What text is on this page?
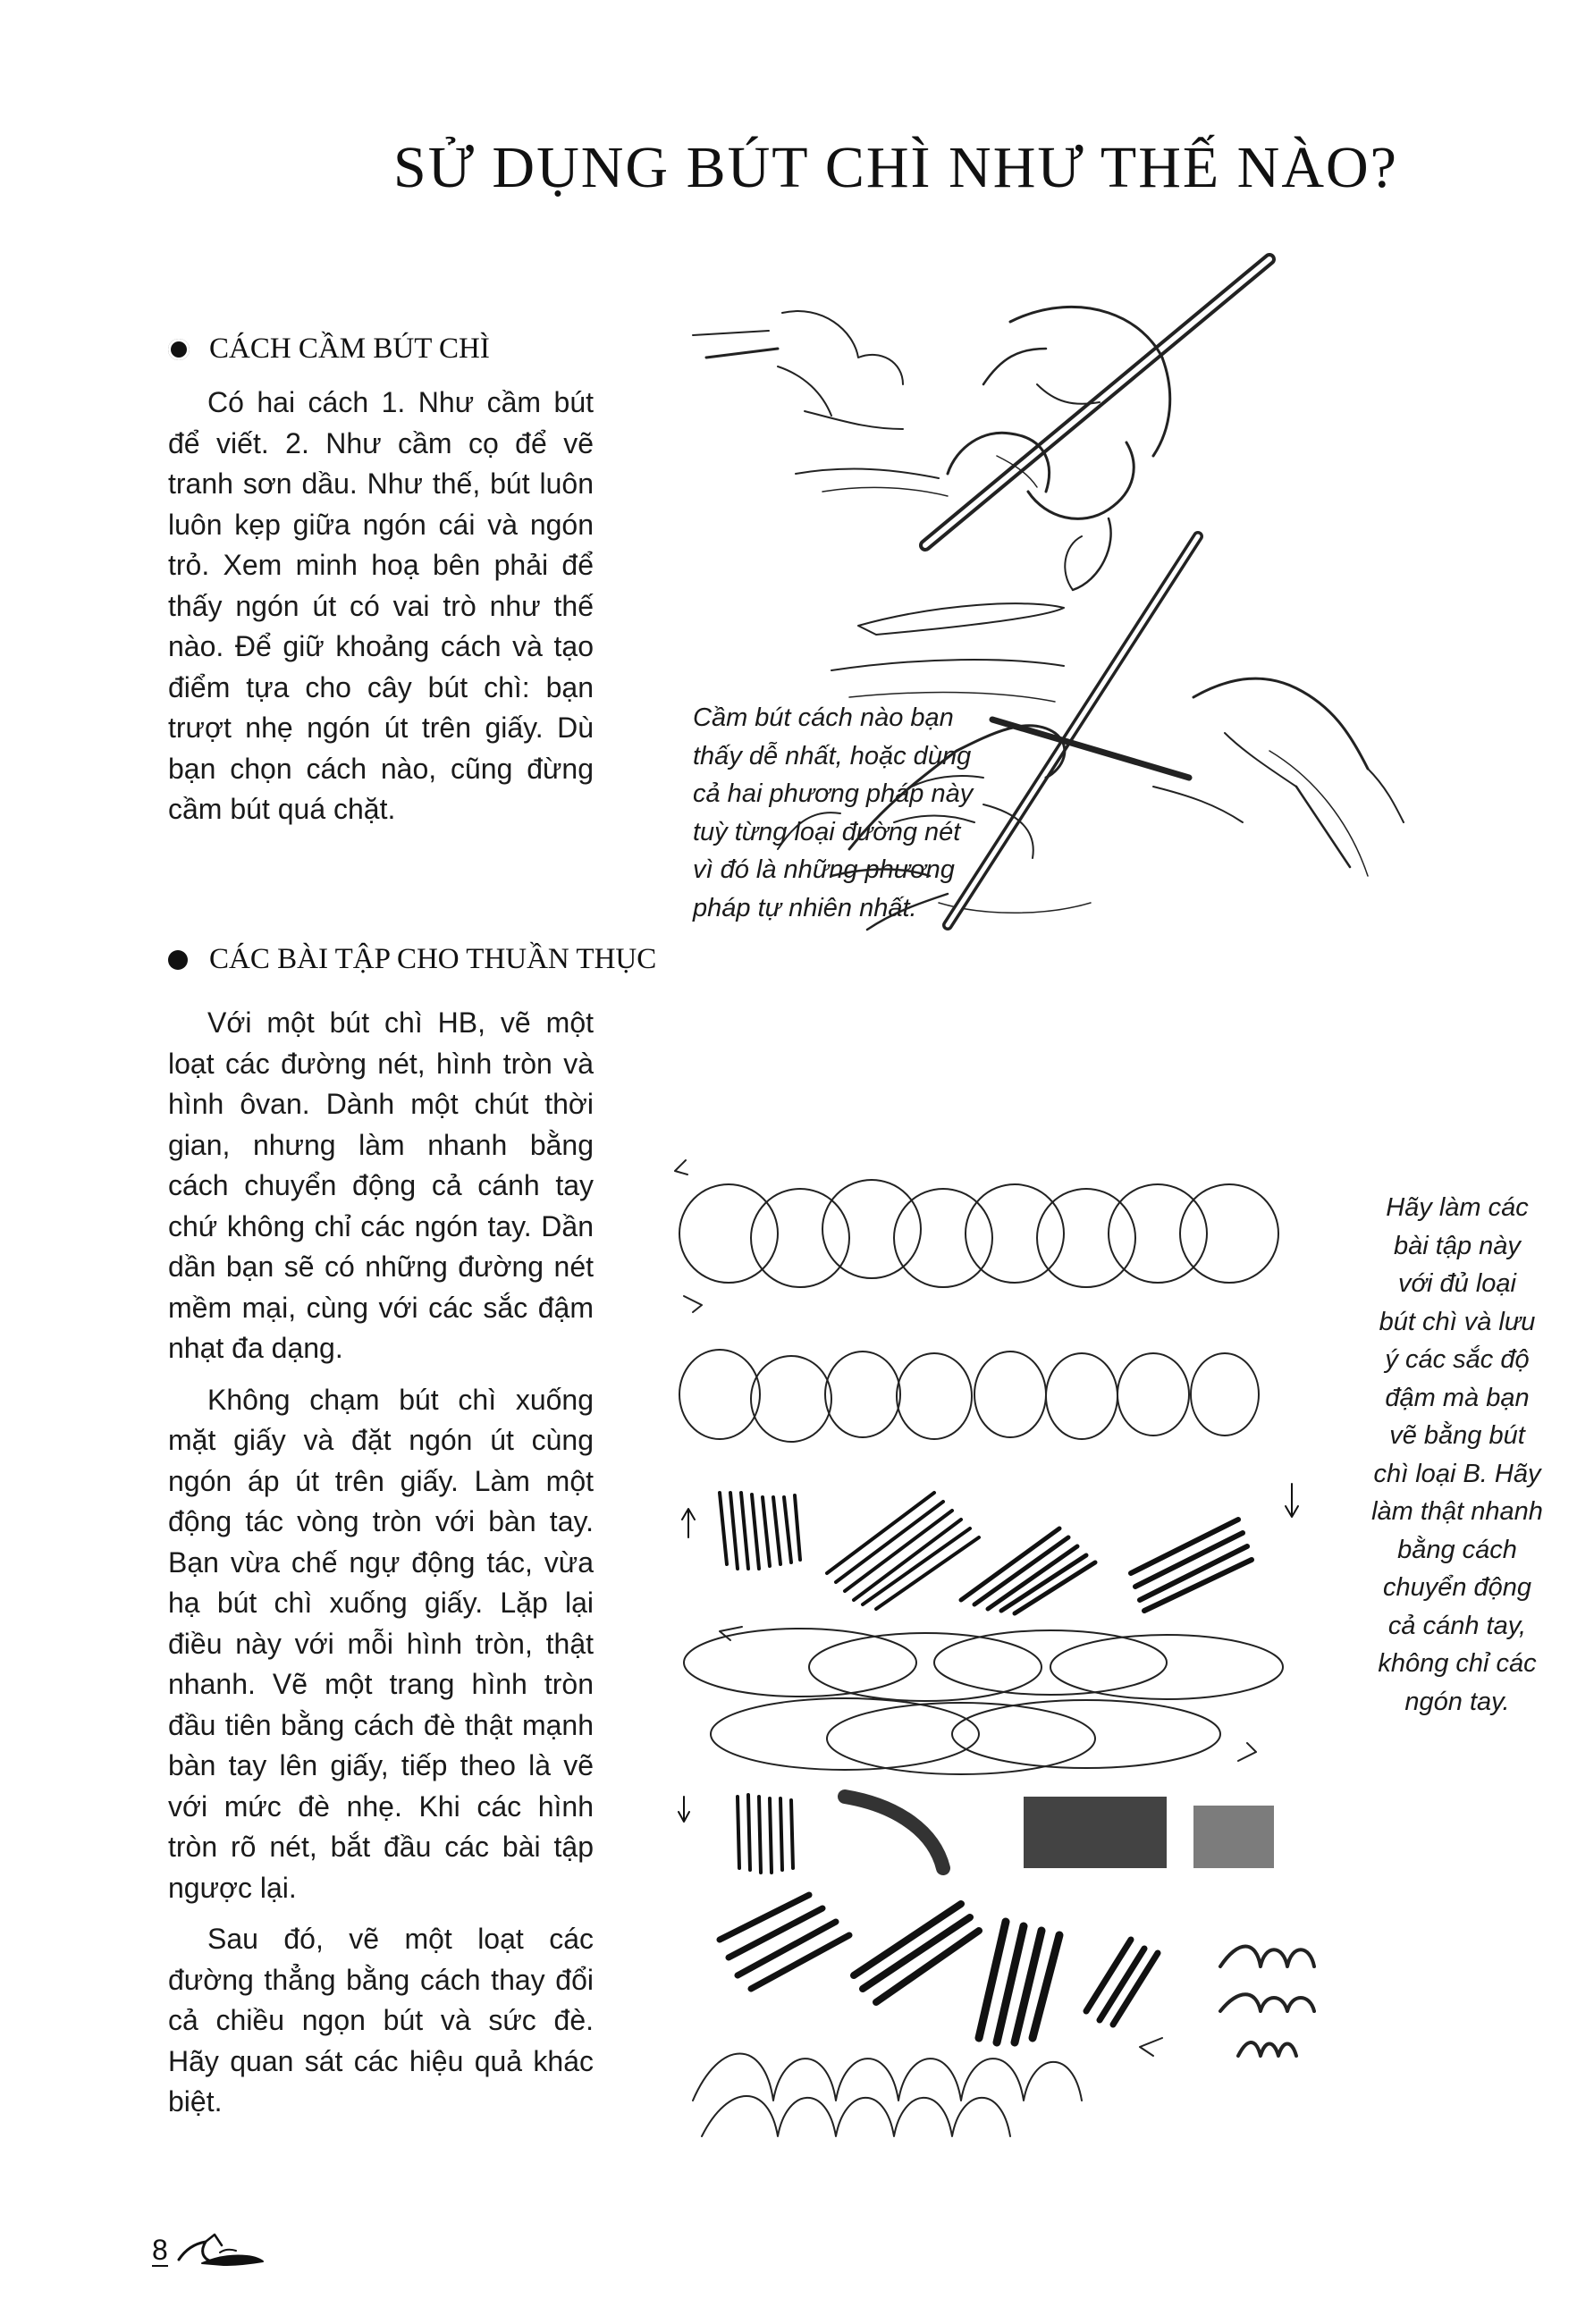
SỬ DỤNG BÚT CHÌ NHƯ THẾ NÀO?
CÁCH CẦM BÚT CHÌ

Có hai cách 1. Như cầm bút để viết. 2. Như cầm cọ để vẽ tranh sơn dầu. Như thế, bút luôn luôn kẹp giữa ngón cái và ngón trỏ. Xem minh hoạ bên phải để thấy ngón út có vai trò như thế nào. Để giữ khoảng cách và tạo điểm tựa cho cây bút chì: bạn trượt nhẹ ngón út trên giấy. Dù bạn chọn cách nào, cũng đừng cầm bút quá chặt.

CÁC BÀI TẬP CHO THUẦN THỤC

Với một bút chì HB, vẽ một loạt các đường nét, hình tròn và hình ôvan. Dành một chút thời gian, nhưng làm nhanh bằng cách chuyển động cả cánh tay chứ không chỉ các ngón tay. Dần dần bạn sẽ có những đường nét mềm mại, cùng với các sắc đậm nhạt đa dạng.

Không chạm bút chì xuống mặt giấy và đặt ngón út cùng ngón áp út trên giấy. Làm một động tác vòng tròn với bàn tay. Bạn vừa chế ngự động tác, vừa hạ bút chì xuống giấy. Lặp lại điều này với mỗi hình tròn, thật nhanh. Vẽ một trang hình tròn đầu tiên bằng cách đè thật mạnh bàn tay lên giấy, tiếp theo là vẽ với mức đè nhẹ. Khi các hình tròn rõ nét, bắt đầu các bài tập ngược lại.

Sau đó, vẽ một loạt các đường thẳng bằng cách thay đổi cả chiều ngọn bút và sức đè. Hãy quan sát các hiệu quả khác biệt.

Cầm bút cách nào bạn

thấy dễ nhất, hoặc dùng

cả hai phương pháp này

tuỳ từng loại đường nét

vì đó là những phương

pháp tự nhiên nhất.

Hãy làm các

bài tập này

với đủ loại

bút chì và lưu

ý các sắc độ

đậm mà bạn

vẽ bằng bút

chì loại B. Hãy

làm thật nhanh

bằng cách

chuyển động

cả cánh tay,

không chỉ các

ngón tay.

8
